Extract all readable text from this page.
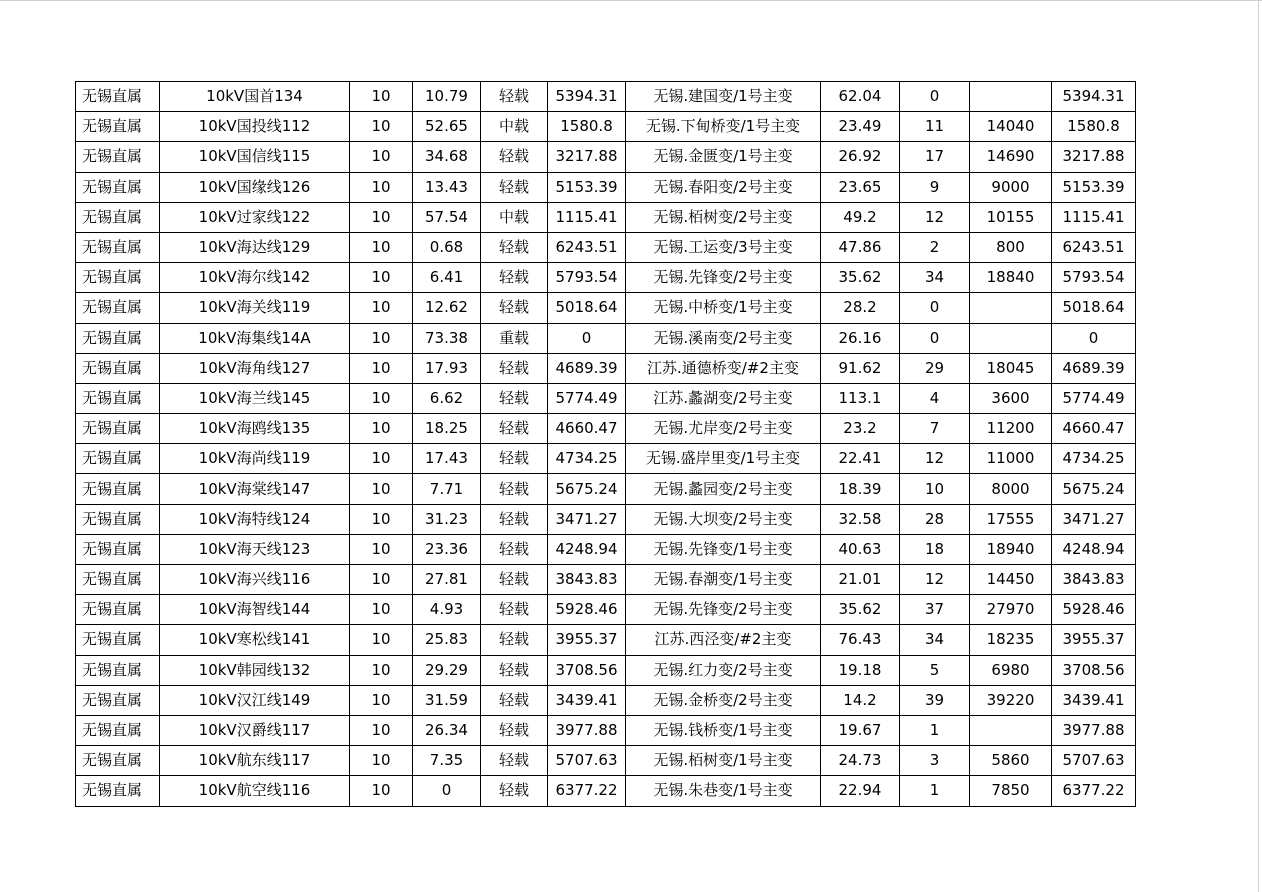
无锡直属	10kV国首134	10	10.79	轻载	5394.31	无锡.建国变/1号主变	62.04	0		5394.31
无锡直属	10kV国投线112	10	52.65	中载	1580.8	无锡.下甸桥变/1号主变	23.49	11	14040	1580.8
无锡直属	10kV国信线115	10	34.68	轻载	3217.88	无锡.金匮变/1号主变	26.92	17	14690	3217.88
无锡直属	10kV国缘线126	10	13.43	轻载	5153.39	无锡.春阳变/2号主变	23.65	9	9000	5153.39
无锡直属	10kV过家线122	10	57.54	中载	1115.41	无锡.栢树变/2号主变	49.2	12	10155	1115.41
无锡直属	10kV海达线129	10	0.68	轻载	6243.51	无锡.工运变/3号主变	47.86	2	800	6243.51
无锡直属	10kV海尔线142	10	6.41	轻载	5793.54	无锡.先锋变/2号主变	35.62	34	18840	5793.54
无锡直属	10kV海关线119	10	12.62	轻载	5018.64	无锡.中桥变/1号主变	28.2	0		5018.64
无锡直属	10kV海集线14A	10	73.38	重载	0	无锡.溪南变/2号主变	26.16	0		0
无锡直属	10kV海角线127	10	17.93	轻载	4689.39	江苏.通德桥变/#2主变	91.62	29	18045	4689.39
无锡直属	10kV海兰线145	10	6.62	轻载	5774.49	江苏.蠡湖变/2号主变	113.1	4	3600	5774.49
无锡直属	10kV海鸥线135	10	18.25	轻载	4660.47	无锡.尤岸变/2号主变	23.2	7	11200	4660.47
无锡直属	10kV海尚线119	10	17.43	轻载	4734.25	无锡.盛岸里变/1号主变	22.41	12	11000	4734.25
无锡直属	10kV海棠线147	10	7.71	轻载	5675.24	无锡.蠡园变/2号主变	18.39	10	8000	5675.24
无锡直属	10kV海特线124	10	31.23	轻载	3471.27	无锡.大坝变/2号主变	32.58	28	17555	3471.27
无锡直属	10kV海天线123	10	23.36	轻载	4248.94	无锡.先锋变/1号主变	40.63	18	18940	4248.94
无锡直属	10kV海兴线116	10	27.81	轻载	3843.83	无锡.春潮变/1号主变	21.01	12	14450	3843.83
无锡直属	10kV海智线144	10	4.93	轻载	5928.46	无锡.先锋变/2号主变	35.62	37	27970	5928.46
无锡直属	10kV寒松线141	10	25.83	轻载	3955.37	江苏.西泾变/#2主变	76.43	34	18235	3955.37
无锡直属	10kV韩园线132	10	29.29	轻载	3708.56	无锡.红力变/2号主变	19.18	5	6980	3708.56
无锡直属	10kV汉江线149	10	31.59	轻载	3439.41	无锡.金桥变/2号主变	14.2	39	39220	3439.41
无锡直属	10kV汉爵线117	10	26.34	轻载	3977.88	无锡.钱桥变/1号主变	19.67	1		3977.88
无锡直属	10kV航东线117	10	7.35	轻载	5707.63	无锡.栢树变/1号主变	24.73	3	5860	5707.63
无锡直属	10kV航空线116	10	0	轻载	6377.22	无锡.朱巷变/1号主变	22.94	1	7850	6377.22
